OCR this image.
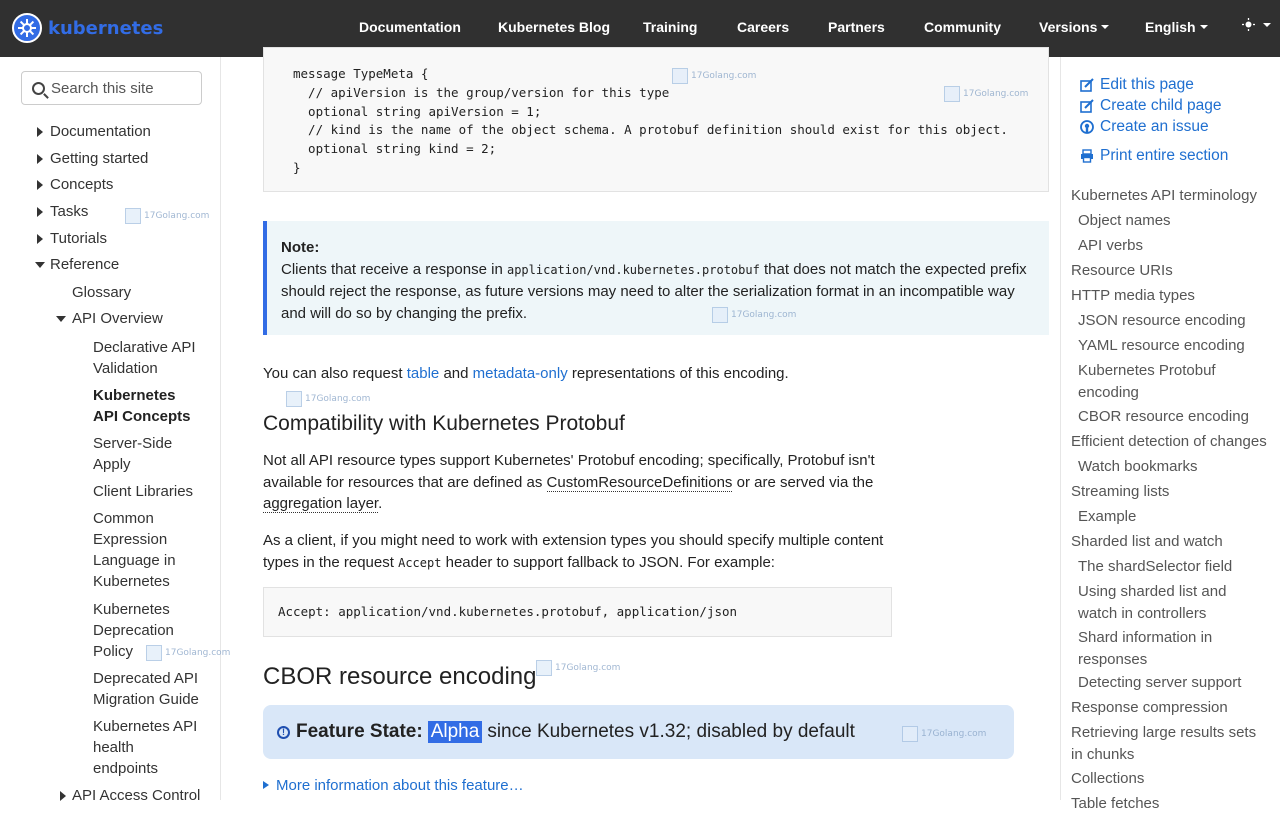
kubernetes	Documentation	Kubernetes Blog Training	Careers	Partners	Community	Versions	English

Search this site
Documentation
Getting started
Concepts
Tasks
Tutorials
Reference
Glossary
API Overview
Declarative API Validation
Kubernetes API Concepts
Server-Side Apply
Client Libraries
Common Expression Language in Kubernetes
Kubernetes Deprecation Policy
Deprecated API Migration Guide
Kubernetes API health endpoints
API Access Control
17Golang.com
17Golang.com
message TypeMeta {
// apiVersion is the group/version for this type
optional string apiVersion = 1;
// kind is the name of the object schema. A protobuf definition should exist for this object.
optional string kind = 2;
}
Note:
Clients that receive a response in application/vnd.kubernetes.protobuf that does not match the expected prefix should reject the response, as future versions may need to alter the serialization format in an incompatible way and will do so by changing the prefix.
You can also request table and metadata-only representations of this encoding.
Compatibility with Kubernetes Protobuf
Not all API resource types support Kubernetes' Protobuf encoding; specifically, Protobuf isn't available for resources that are defined as CustomResourceDefinitions or are served via the aggregation layer.
As a client, if you might need to work with extension types you should specify multiple content types in the request Accept header to support fallback to JSON. For example:
Accept: application/vnd.kubernetes.protobuf, application/json
CBOR resource encoding
! Feature State: Alpha since Kubernetes v1.32; disabled by default
More information about this feature…
17Golang.com
17Golang.com
17Golang.com
17Golang.com
17Golang.com
17Golang.com
Edit this page
Create child page
Create an issue
Print entire section
Kubernetes API terminology
Object names
API verbs
Resource URIs
HTTP media types
JSON resource encoding
YAML resource encoding
Kubernetes Protobuf encoding
CBOR resource encoding
Efficient detection of changes
Watch bookmarks
Streaming lists
Example
Sharded list and watch
The shardSelector field
Using sharded list and watch in controllers
Shard information in responses
Detecting server support
Response compression
Retrieving large results sets in chunks
Collections
Table fetches
